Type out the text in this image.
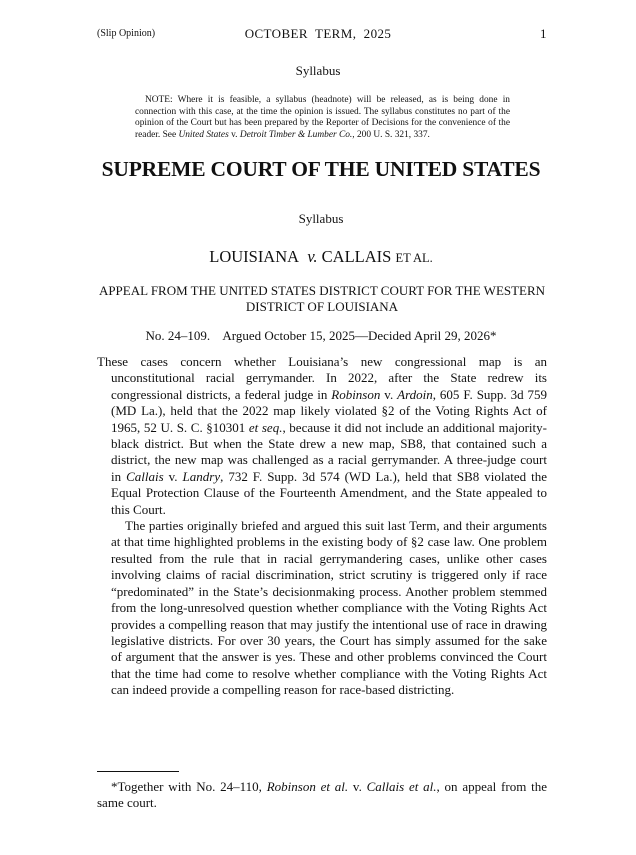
(Slip Opinion)	OCTOBER  TERM,  2025	1
Syllabus
NOTE: Where it is feasible, a syllabus (headnote) will be released, as is being done in connection with this case, at the time the opinion is issued. The syllabus constitutes no part of the opinion of the Court but has been prepared by the Reporter of Decisions for the convenience of the reader. See United States v. Detroit Timber & Lumber Co., 200 U. S. 321, 337.
SUPREME COURT OF THE UNITED STATES
Syllabus
LOUISIANA v. CALLAIS ET AL.
APPEAL FROM THE UNITED STATES DISTRICT COURT FOR THE WESTERN DISTRICT OF LOUISIANA
No. 24–109.    Argued October 15, 2025—Decided April 29, 2026*

These cases concern whether Louisiana’s new congressional map is an unconstitutional racial gerrymander. In 2022, after the State redrew its congressional districts, a federal judge in Robinson v. Ardoin, 605 F. Supp. 3d 759 (MD La.), held that the 2022 map likely violated §2 of the Voting Rights Act of 1965, 52 U. S. C. §10301 et seq., because it did not include an additional majority-black district. But when the State drew a new map, SB8, that contained such a district, the new map was challenged as a racial gerrymander. A three-judge court in Callais v. Landry, 732 F. Supp. 3d 574 (WD La.), held that SB8 violated the Equal Protection Clause of the Fourteenth Amendment, and the State appealed to this Court.

The parties originally briefed and argued this suit last Term, and their arguments at that time highlighted problems in the existing body of §2 case law. One problem resulted from the rule that in racial gerrymandering cases, unlike other cases involving claims of racial discrimination, strict scrutiny is triggered only if race “predominated” in the State’s decisionmaking process. Another problem stemmed from the long-unresolved question whether compliance with the Voting Rights Act provides a compelling reason that may justify the intentional use of race in drawing legislative districts. For over 30 years, the Court has simply assumed for the sake of argument that the answer is yes. These and other problems convinced the Court that the time had come to resolve whether compliance with the Voting Rights Act can indeed provide a compelling reason for race-based districting.

*Together with No. 24–110, Robinson et al. v. Callais et al., on appeal from the same court.
